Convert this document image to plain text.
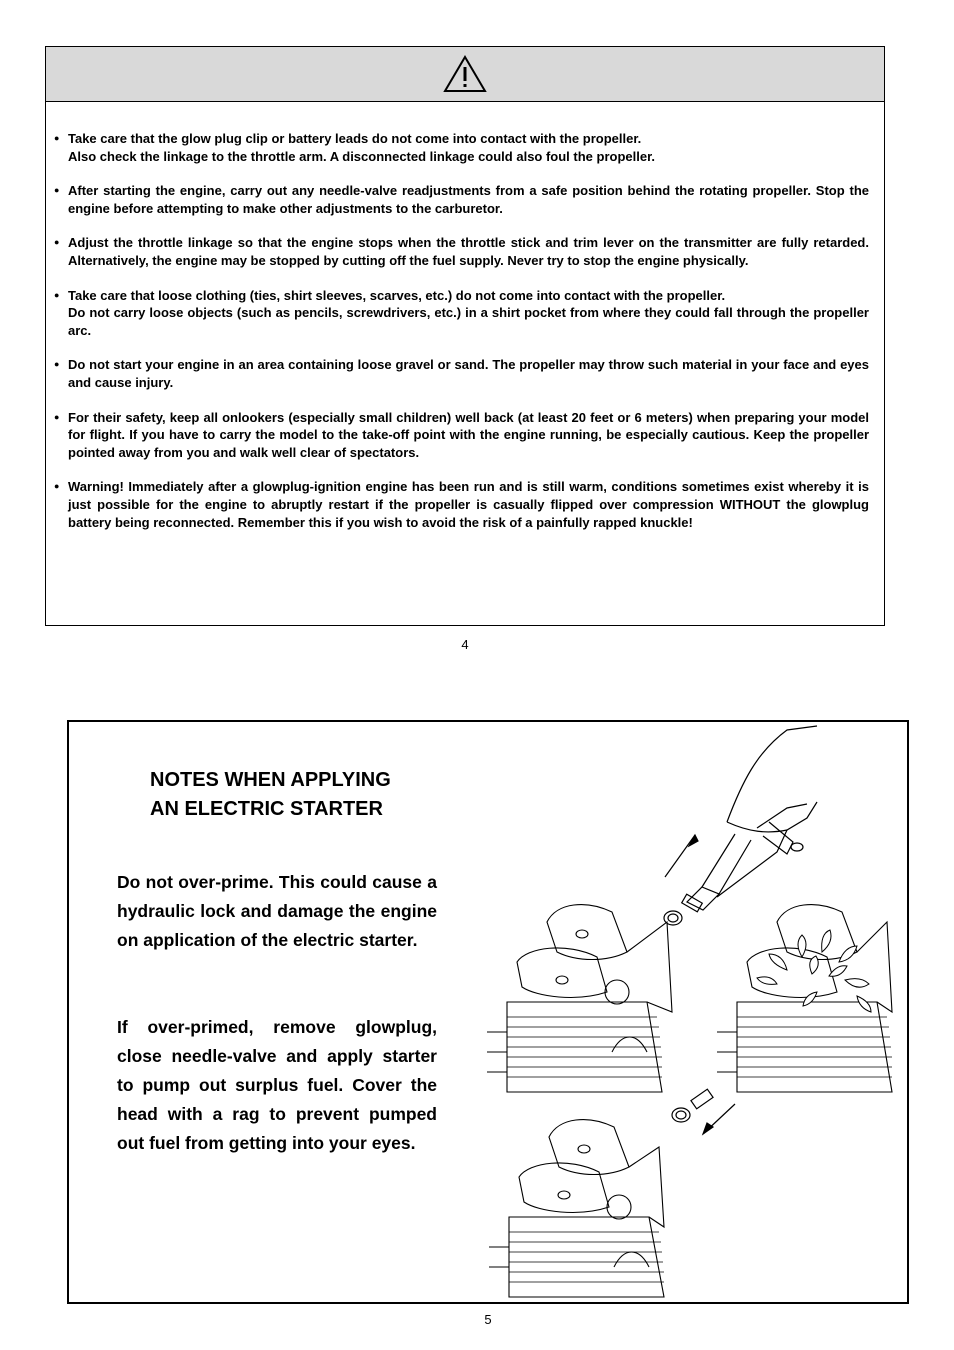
● Take care that the glow plug clip or battery leads do not come into contact with the propeller.
Also check the linkage to the throttle arm. A disconnected linkage could also foul the propeller.
● After starting the engine, carry out any needle-valve readjustments from a safe position behind the rotating propeller. Stop the engine before attempting to make other adjustments to the carburetor.
● Adjust the throttle linkage so that the engine stops when the throttle stick and trim lever on the transmitter are fully retarded. Alternatively, the engine may be stopped by cutting off the fuel supply. Never try to stop the engine physically.
● Take care that loose clothing (ties, shirt sleeves, scarves, etc.) do not come into contact with the propeller.
Do not carry loose objects (such as pencils, screwdrivers, etc.) in a shirt pocket from where they could fall through the propeller arc.
● Do not start your engine in an area containing loose gravel or sand. The propeller may throw such material in your face and eyes and cause injury.
● For their safety, keep all onlookers (especially small children) well back (at least 20 feet or 6 meters) when preparing your model for flight. If you have to carry the model to the take-off point with the engine running, be especially cautious. Keep the propeller pointed away from you and walk well clear of spectators.
● Warning! Immediately after a glowplug-ignition engine has been run and is still warm, conditions sometimes exist whereby it is just possible for the engine to abruptly restart if the propeller is casually flipped over compression WITHOUT the glowplug battery being reconnected. Remember this if you wish to avoid the risk of a painfully rapped knuckle!
4
NOTES WHEN APPLYING
AN ELECTRIC STARTER

Do not over-prime. This could cause a hydraulic lock and damage the engine on application of the electric starter.

If over-primed, remove glowplug, close needle-valve and apply starter to pump out surplus fuel. Cover the head with a rag to prevent pumped out fuel from getting into your eyes.

5
